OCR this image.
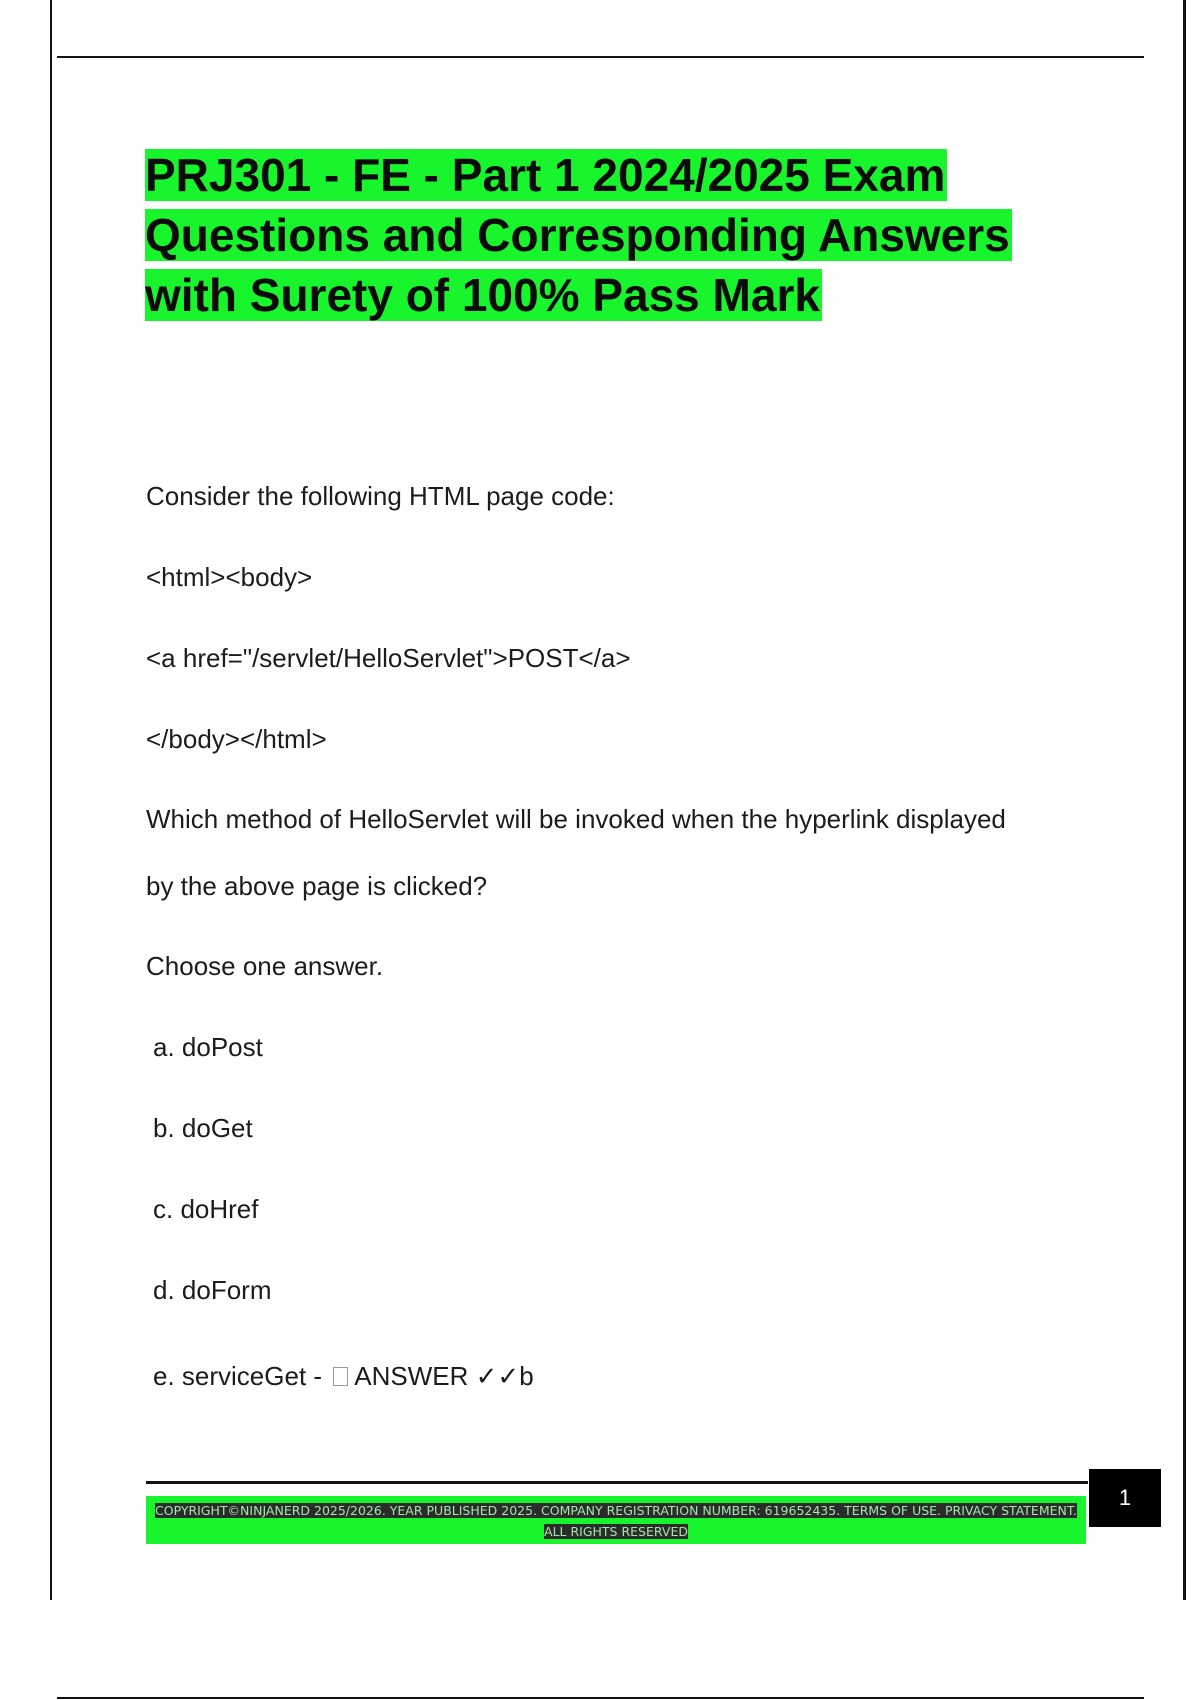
PRJ301 - FE - Part 1 2024/2025 Exam Questions and Corresponding Answers with Surety of 100% Pass Mark
Consider the following HTML page code:
<html><body>
<a href="/servlet/HelloServlet">POST</a>
</body></html>
Which method of HelloServlet will be invoked when the hyperlink displayed
by the above page is clicked?
Choose one answer.
a. doPost
b. doGet
c. doHref
d. doForm
e. serviceGet - ANSWER ✓✓b
COPYRIGHT©NINJANERD 2025/2026. YEAR PUBLISHED 2025. COMPANY REGISTRATION NUMBER: 619652435. TERMS OF USE. PRIVACY STATEMENT. ALL RIGHTS RESERVED
1
